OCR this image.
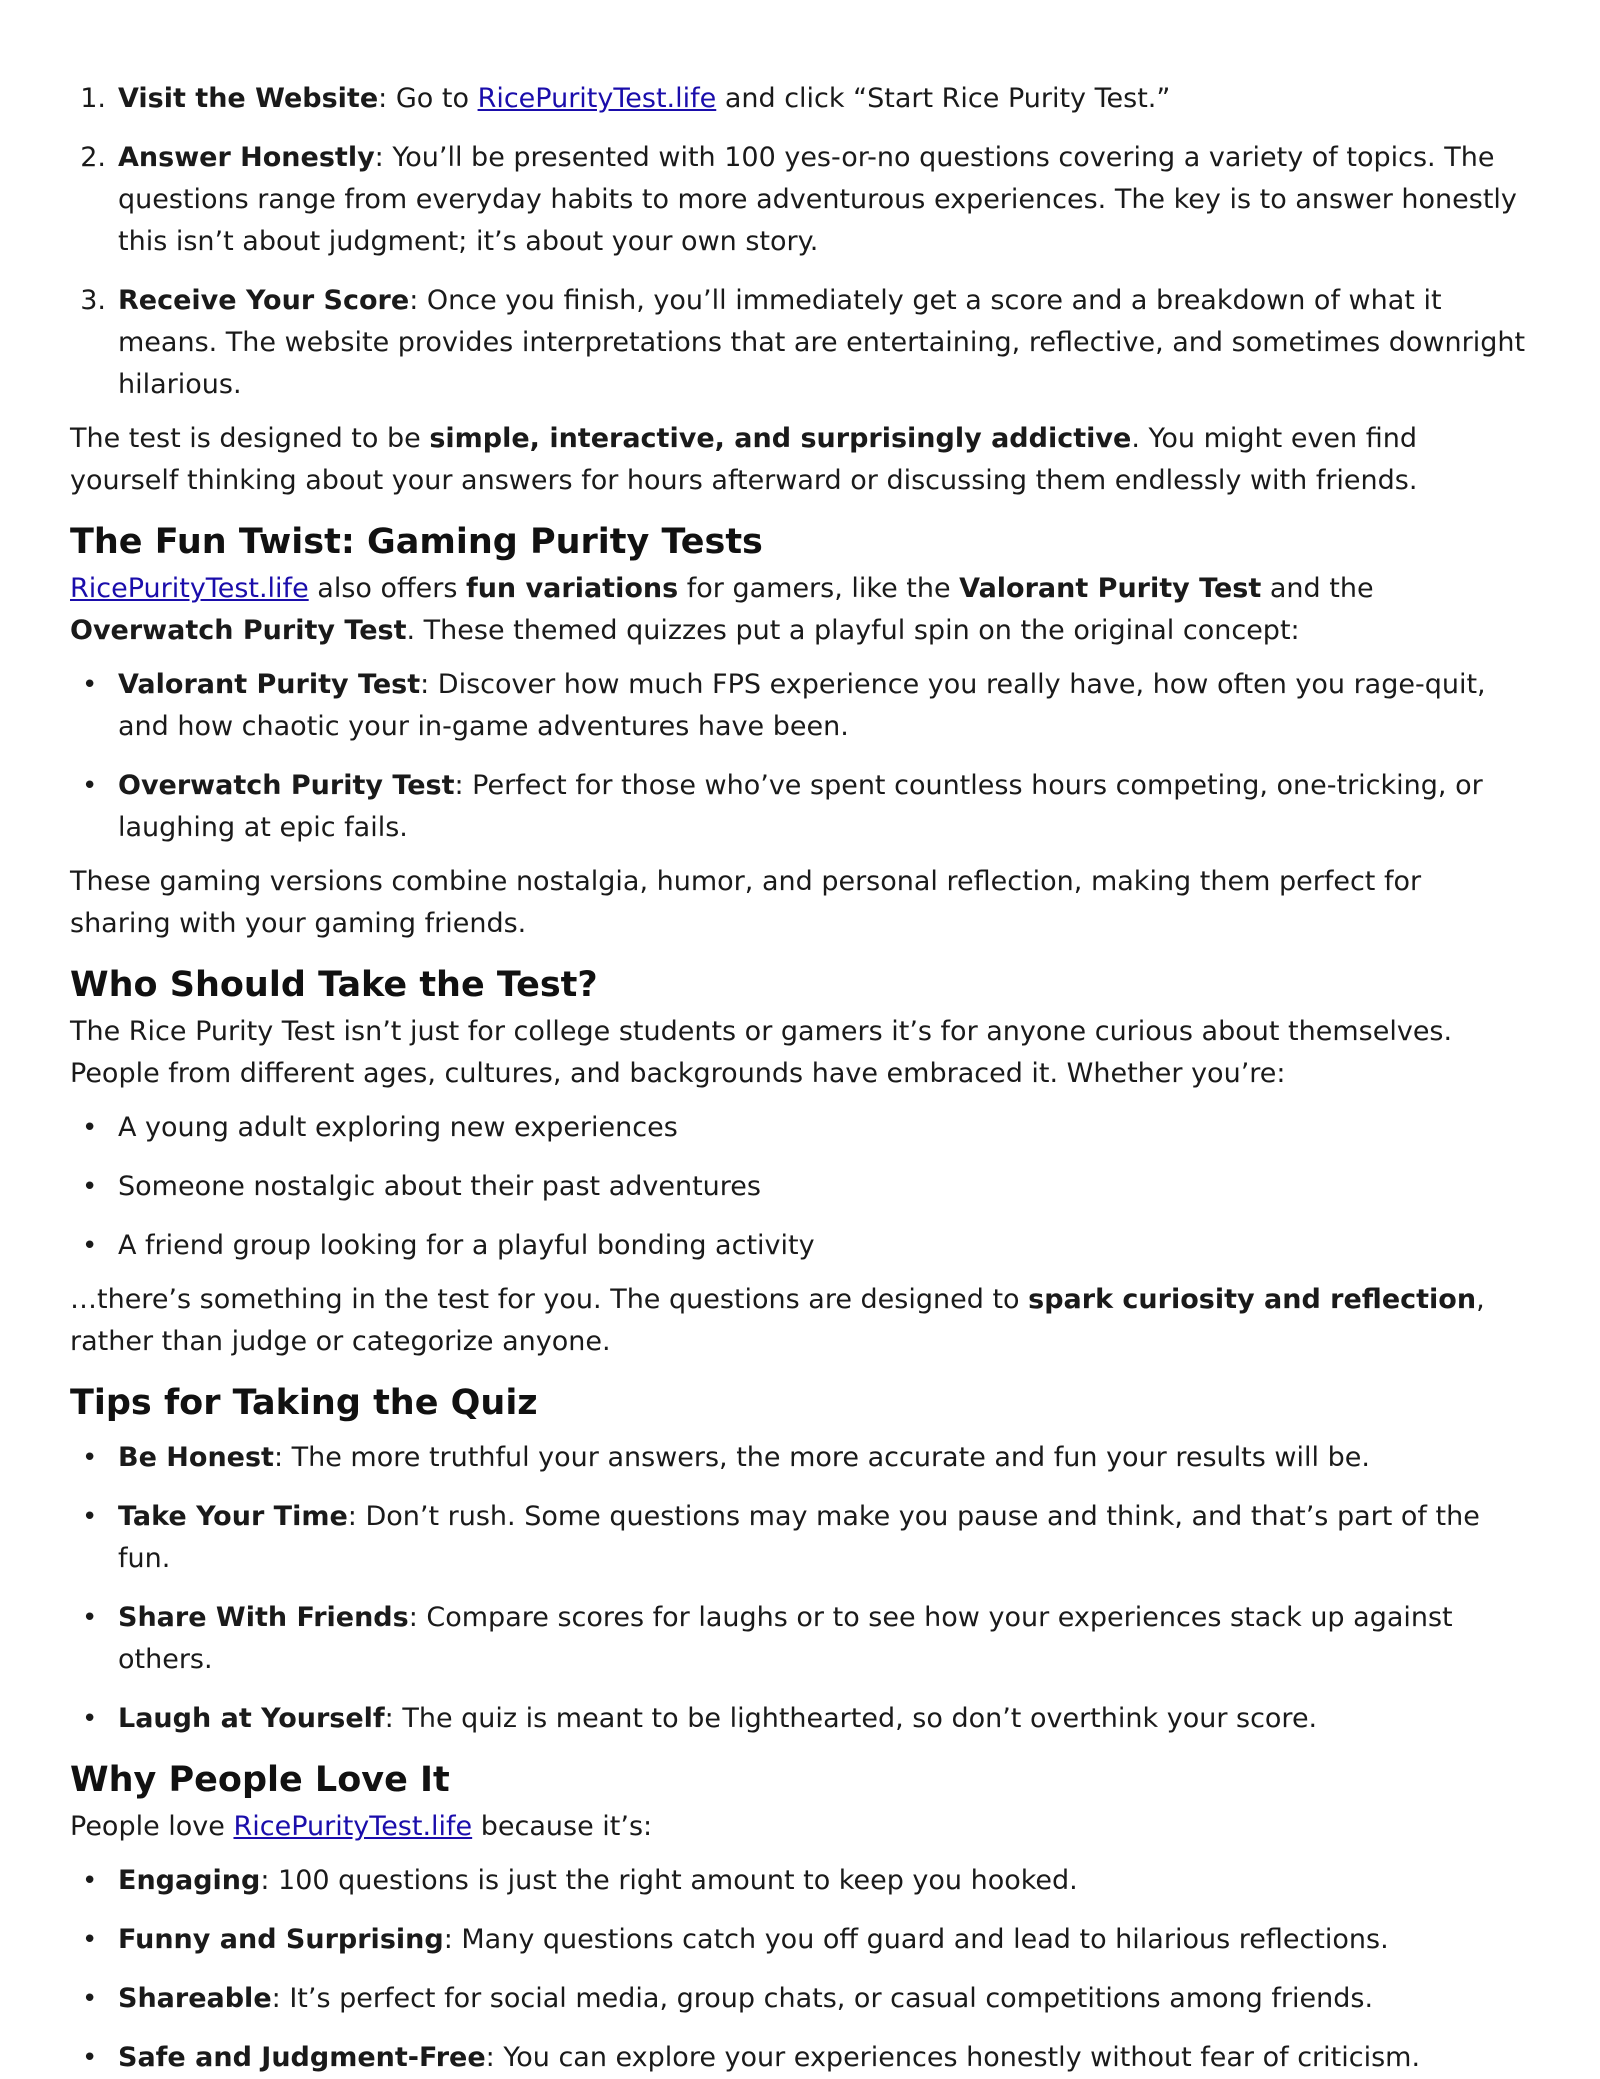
1. Visit the Website: Go to RicePurityTest.life and click “Start Rice Purity Test.”
2. Answer Honestly: You’ll be presented with 100 yes-or-no questions covering a variety of topics. The questions range from everyday habits to more adventurous experiences. The key is to answer honestly this isn’t about judgment; it’s about your own story.
3. Receive Your Score: Once you finish, you’ll immediately get a score and a breakdown of what it means. The website provides interpretations that are entertaining, reflective, and sometimes downright hilarious.

The test is designed to be simple, interactive, and surprisingly addictive. You might even find yourself thinking about your answers for hours afterward or discussing them endlessly with friends.

The Fun Twist: Gaming Purity Tests

RicePurityTest.life also offers fun variations for gamers, like the Valorant Purity Test and the Overwatch Purity Test. These themed quizzes put a playful spin on the original concept:

• Valorant Purity Test: Discover how much FPS experience you really have, how often you rage-quit, and how chaotic your in-game adventures have been.
• Overwatch Purity Test: Perfect for those who’ve spent countless hours competing, one-tricking, or laughing at epic fails.

These gaming versions combine nostalgia, humor, and personal reflection, making them perfect for sharing with your gaming friends.

Who Should Take the Test?

The Rice Purity Test isn’t just for college students or gamers it’s for anyone curious about themselves. People from different ages, cultures, and backgrounds have embraced it. Whether you’re:

• A young adult exploring new experiences
• Someone nostalgic about their past adventures
• A friend group looking for a playful bonding activity

…there’s something in the test for you. The questions are designed to spark curiosity and reflection, rather than judge or categorize anyone.

Tips for Taking the Quiz
• Be Honest: The more truthful your answers, the more accurate and fun your results will be.
• Take Your Time: Don’t rush. Some questions may make you pause and think, and that’s part of the fun.
• Share With Friends: Compare scores for laughs or to see how your experiences stack up against others.
• Laugh at Yourself: The quiz is meant to be lighthearted, so don’t overthink your score.
Why People Love It

People love RicePurityTest.life because it’s:

• Engaging: 100 questions is just the right amount to keep you hooked.
• Funny and Surprising: Many questions catch you off guard and lead to hilarious reflections.
• Shareable: It’s perfect for social media, group chats, or casual competitions among friends.
• Safe and Judgment-Free: You can explore your experiences honestly without fear of criticism.
